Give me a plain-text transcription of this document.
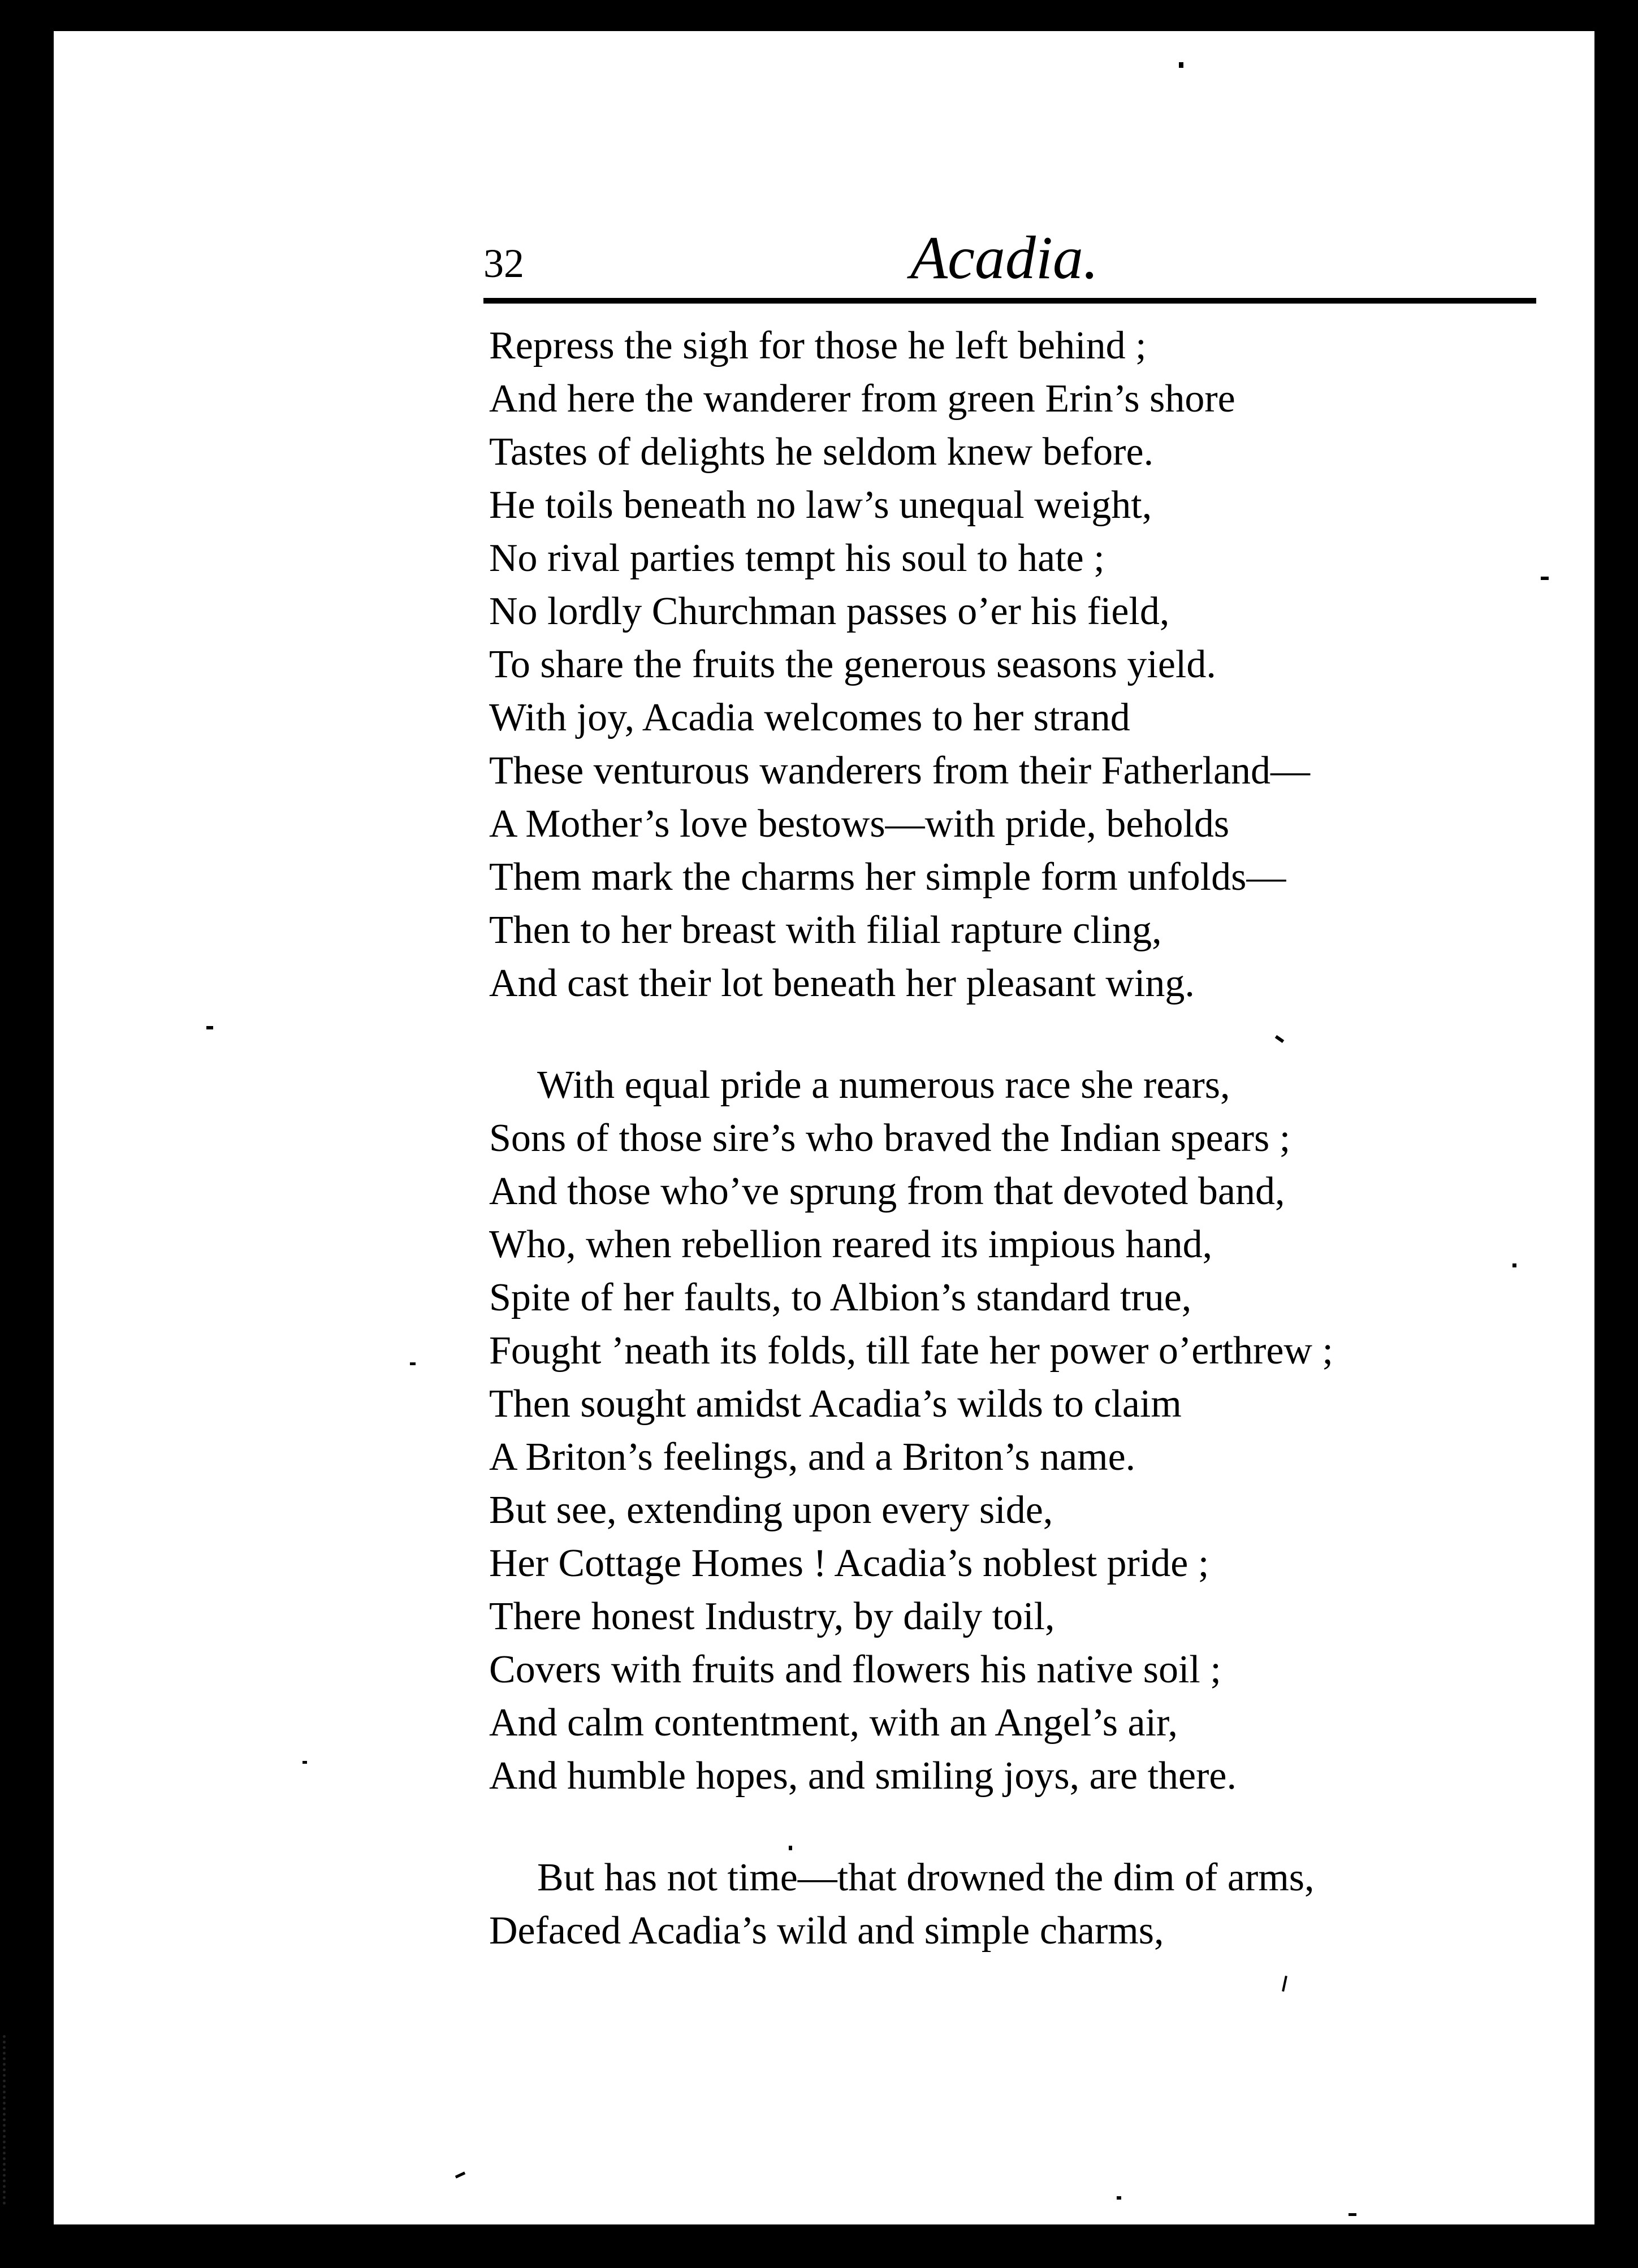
32	Acadia.
Repress the sigh for those he left behind ;
And here the wanderer from green Erin’s shore
Tastes of delights he seldom knew before.
He toils beneath no law’s unequal weight,
No rival parties tempt his soul to hate ;
No lordly Churchman passes o’er his field,
To share the fruits the generous seasons yield.
With joy, Acadia welcomes to her strand
These venturous wanderers from their Fatherland—
A Mother’s love bestows—with pride, beholds
Them mark the charms her simple form unfolds—
Then to her breast with filial rapture cling,
And cast their lot beneath her pleasant wing.
With equal pride a numerous race she rears,
Sons of those sire’s who braved the Indian spears ;
And those who’ve sprung from that devoted band,
Who, when rebellion reared its impious hand,
Spite of her faults, to Albion’s standard true,
Fought ’neath its folds, till fate her power o’erthrew ;
Then sought amidst Acadia’s wilds to claim
A Briton’s feelings, and a Briton’s name.
But see, extending upon every side,
Her Cottage Homes ! Acadia’s noblest pride ;
There honest Industry, by daily toil,
Covers with fruits and flowers his native soil ;
And calm contentment, with an Angel’s air,
And humble hopes, and smiling joys, are there.
But has not time—that drowned the dim of arms,
Defaced Acadia’s wild and simple charms,
